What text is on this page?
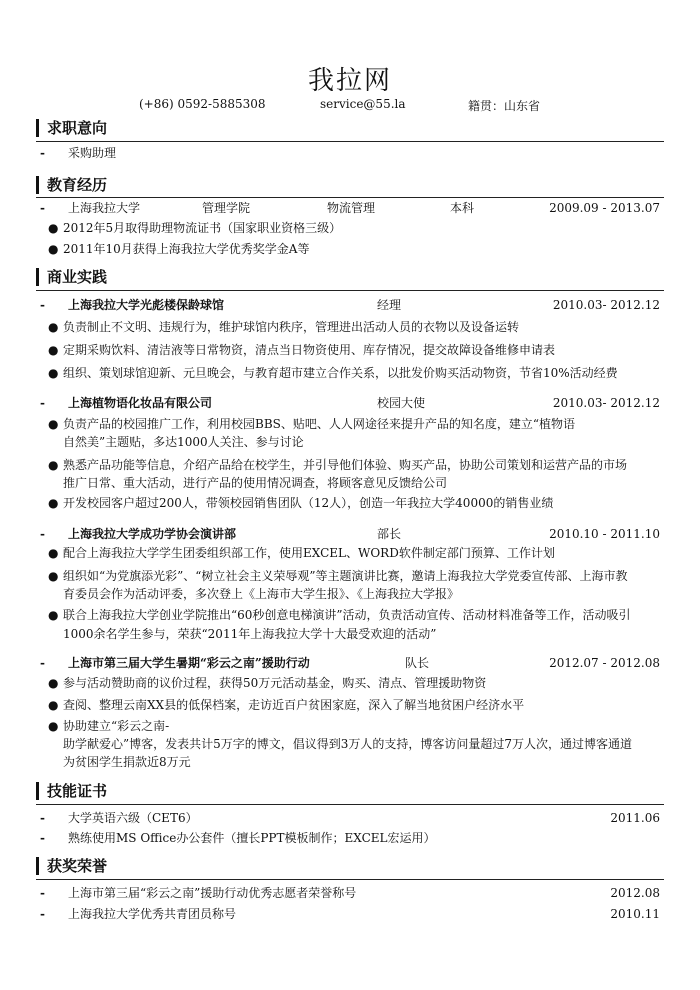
我拉网
(+86) 0592-5885308	service@55.la	籍贯：山东省
求职意向
- 采购助理
教育经历
- 上海我拉大学	管理学院	物流管理	本科	2009.09 - 2013.07
● 2012年5月取得助理物流证书（国家职业资格三级）
● 2011年10月获得上海我拉大学优秀奖学金A等
商业实践
- 上海我拉大学光彪楼保龄球馆	经理	2010.03- 2012.12
● 负责制止不文明、违规行为，维护球馆内秩序，管理进出活动人员的衣物以及设备运转
● 定期采购饮料、清洁液等日常物资，清点当日物资使用、库存情况，提交故障设备维修申请表
● 组织、策划球馆迎新、元旦晚会，与教育超市建立合作关系，以批发价购买活动物资，节省10%活动经费
- 上海植物语化妆品有限公司	校园大使	2010.03- 2012.12
● 负责产品的校园推广工作，利用校园BBS、贴吧、人人网途径来提升产品的知名度，建立“植物语
自然美”主题贴，多达1000人关注、参与讨论
● 熟悉产品功能等信息，介绍产品给在校学生，并引导他们体验、购买产品，协助公司策划和运营产品的市场
推广日常、重大活动，进行产品的使用情况调查，将顾客意见反馈给公司
● 开发校园客户超过200人，带领校园销售团队（12人），创造一年我拉大学40000的销售业绩
- 上海我拉大学成功学协会演讲部	部长	2010.10 - 2011.10
● 配合上海我拉大学学生团委组织部工作，使用EXCEL、WORD软件制定部门预算、工作计划
● 组织如“为党旗添光彩”、“树立社会主义荣辱观”等主题演讲比赛，邀请上海我拉大学党委宣传部、上海市教
育委员会作为活动评委，多次登上《上海市大学生报》、《上海我拉大学报》
● 联合上海我拉大学创业学院推出“60秒创意电梯演讲”活动，负责活动宣传、活动材料准备等工作，活动吸引
1000余名学生参与，荣获“2011年上海我拉大学十大最受欢迎的活动”
- 上海市第三届大学生暑期“彩云之南”援助行动	队长	2012.07 - 2012.08
● 参与活动赞助商的议价过程，获得50万元活动基金，购买、清点、管理援助物资
● 查阅、整理云南XX县的低保档案，走访近百户贫困家庭，深入了解当地贫困户经济水平
● 协助建立“彩云之南-
助学献爱心”博客，发表共计5万字的博文，倡议得到3万人的支持，博客访问量超过7万人次，通过博客通道
为贫困学生捐款近8万元
技能证书
- 大学英语六级（CET6）	2011.06
- 熟练使用MS Office办公套件（擅长PPT模板制作；EXCEL宏运用）
获奖荣誉
- 上海市第三届“彩云之南”援助行动优秀志愿者荣誉称号	2012.08
- 上海我拉大学优秀共青团员称号	2010.11
